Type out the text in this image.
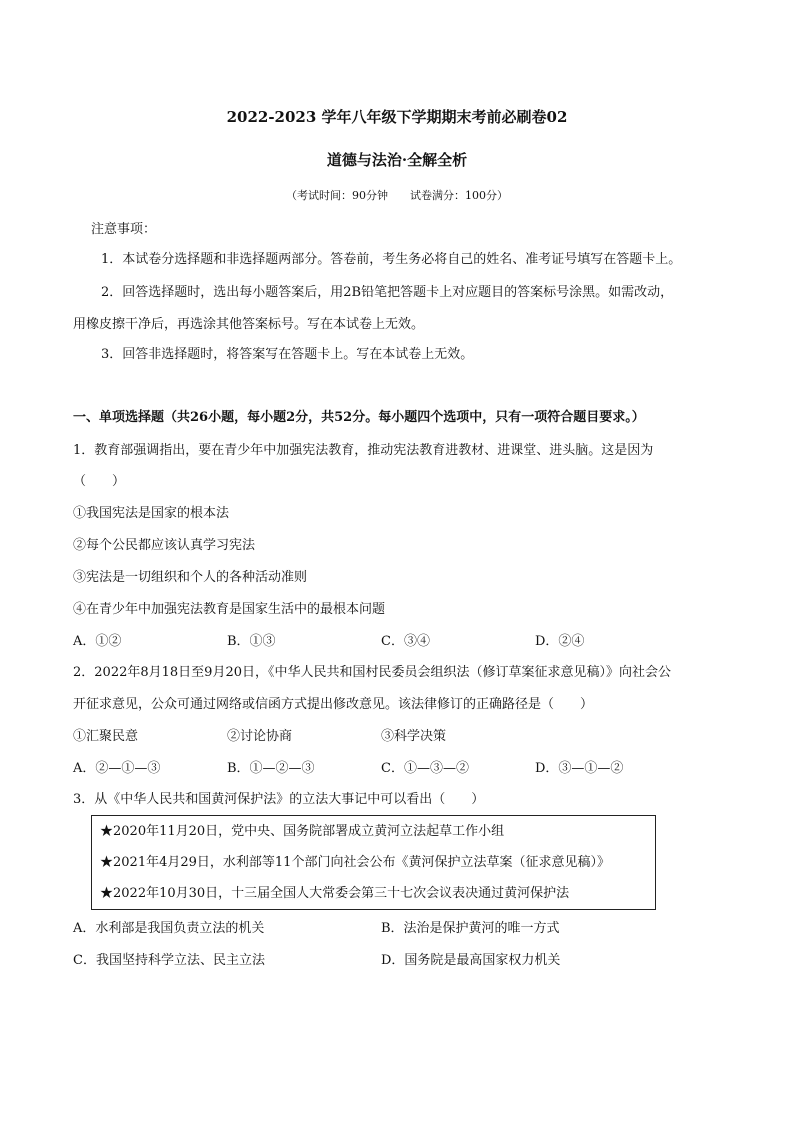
2022-2023 学年八年级下学期期末考前必刷卷02
道德与法治·全解全析
（考试时间：90分钟　　试卷满分：100分）
注意事项：
1．本试卷分选择题和非选择题两部分。答卷前，考生务必将自己的姓名、准考证号填写在答题卡上。
2．回答选择题时，选出每小题答案后，用2B铅笔把答题卡上对应题目的答案标号涂黑。如需改动，
用橡皮擦干净后，再选涂其他答案标号。写在本试卷上无效。
3．回答非选择题时，将答案写在答题卡上。写在本试卷上无效。
一、单项选择题（共26小题，每小题2分，共52分。每小题四个选项中，只有一项符合题目要求。）
1．教育部强调指出，要在青少年中加强宪法教育，推动宪法教育进教材、进课堂、进头脑。这是因为
（　　）
①我国宪法是国家的根本法
②每个公民都应该认真学习宪法
③宪法是一切组织和个人的各种活动准则
④在青少年中加强宪法教育是国家生活中的最根本问题
A．①②	B．①③	C．③④	D．②④
2．2022年8月18日至9月20日，《中华人民共和国村民委员会组织法（修订草案征求意见稿）》向社会公
开征求意见，公众可通过网络或信函方式提出修改意见。该法律修订的正确路径是（　　）
①汇聚民意	②讨论协商	③科学决策
A．②—①—③	B．①—②—③	C．①—③—②	D．③—①—②
3．从《中华人民共和国黄河保护法》的立法大事记中可以看出（　　）
★2020年11月20日，党中央、国务院部署成立黄河立法起草工作小组
★2021年4月29日，水利部等11个部门向社会公布《黄河保护立法草案（征求意见稿）》
★2022年10月30日，十三届全国人大常委会第三十七次会议表决通过黄河保护法
A．水利部是我国负责立法的机关	B．法治是保护黄河的唯一方式
C．我国坚持科学立法、民主立法	D．国务院是最高国家权力机关
